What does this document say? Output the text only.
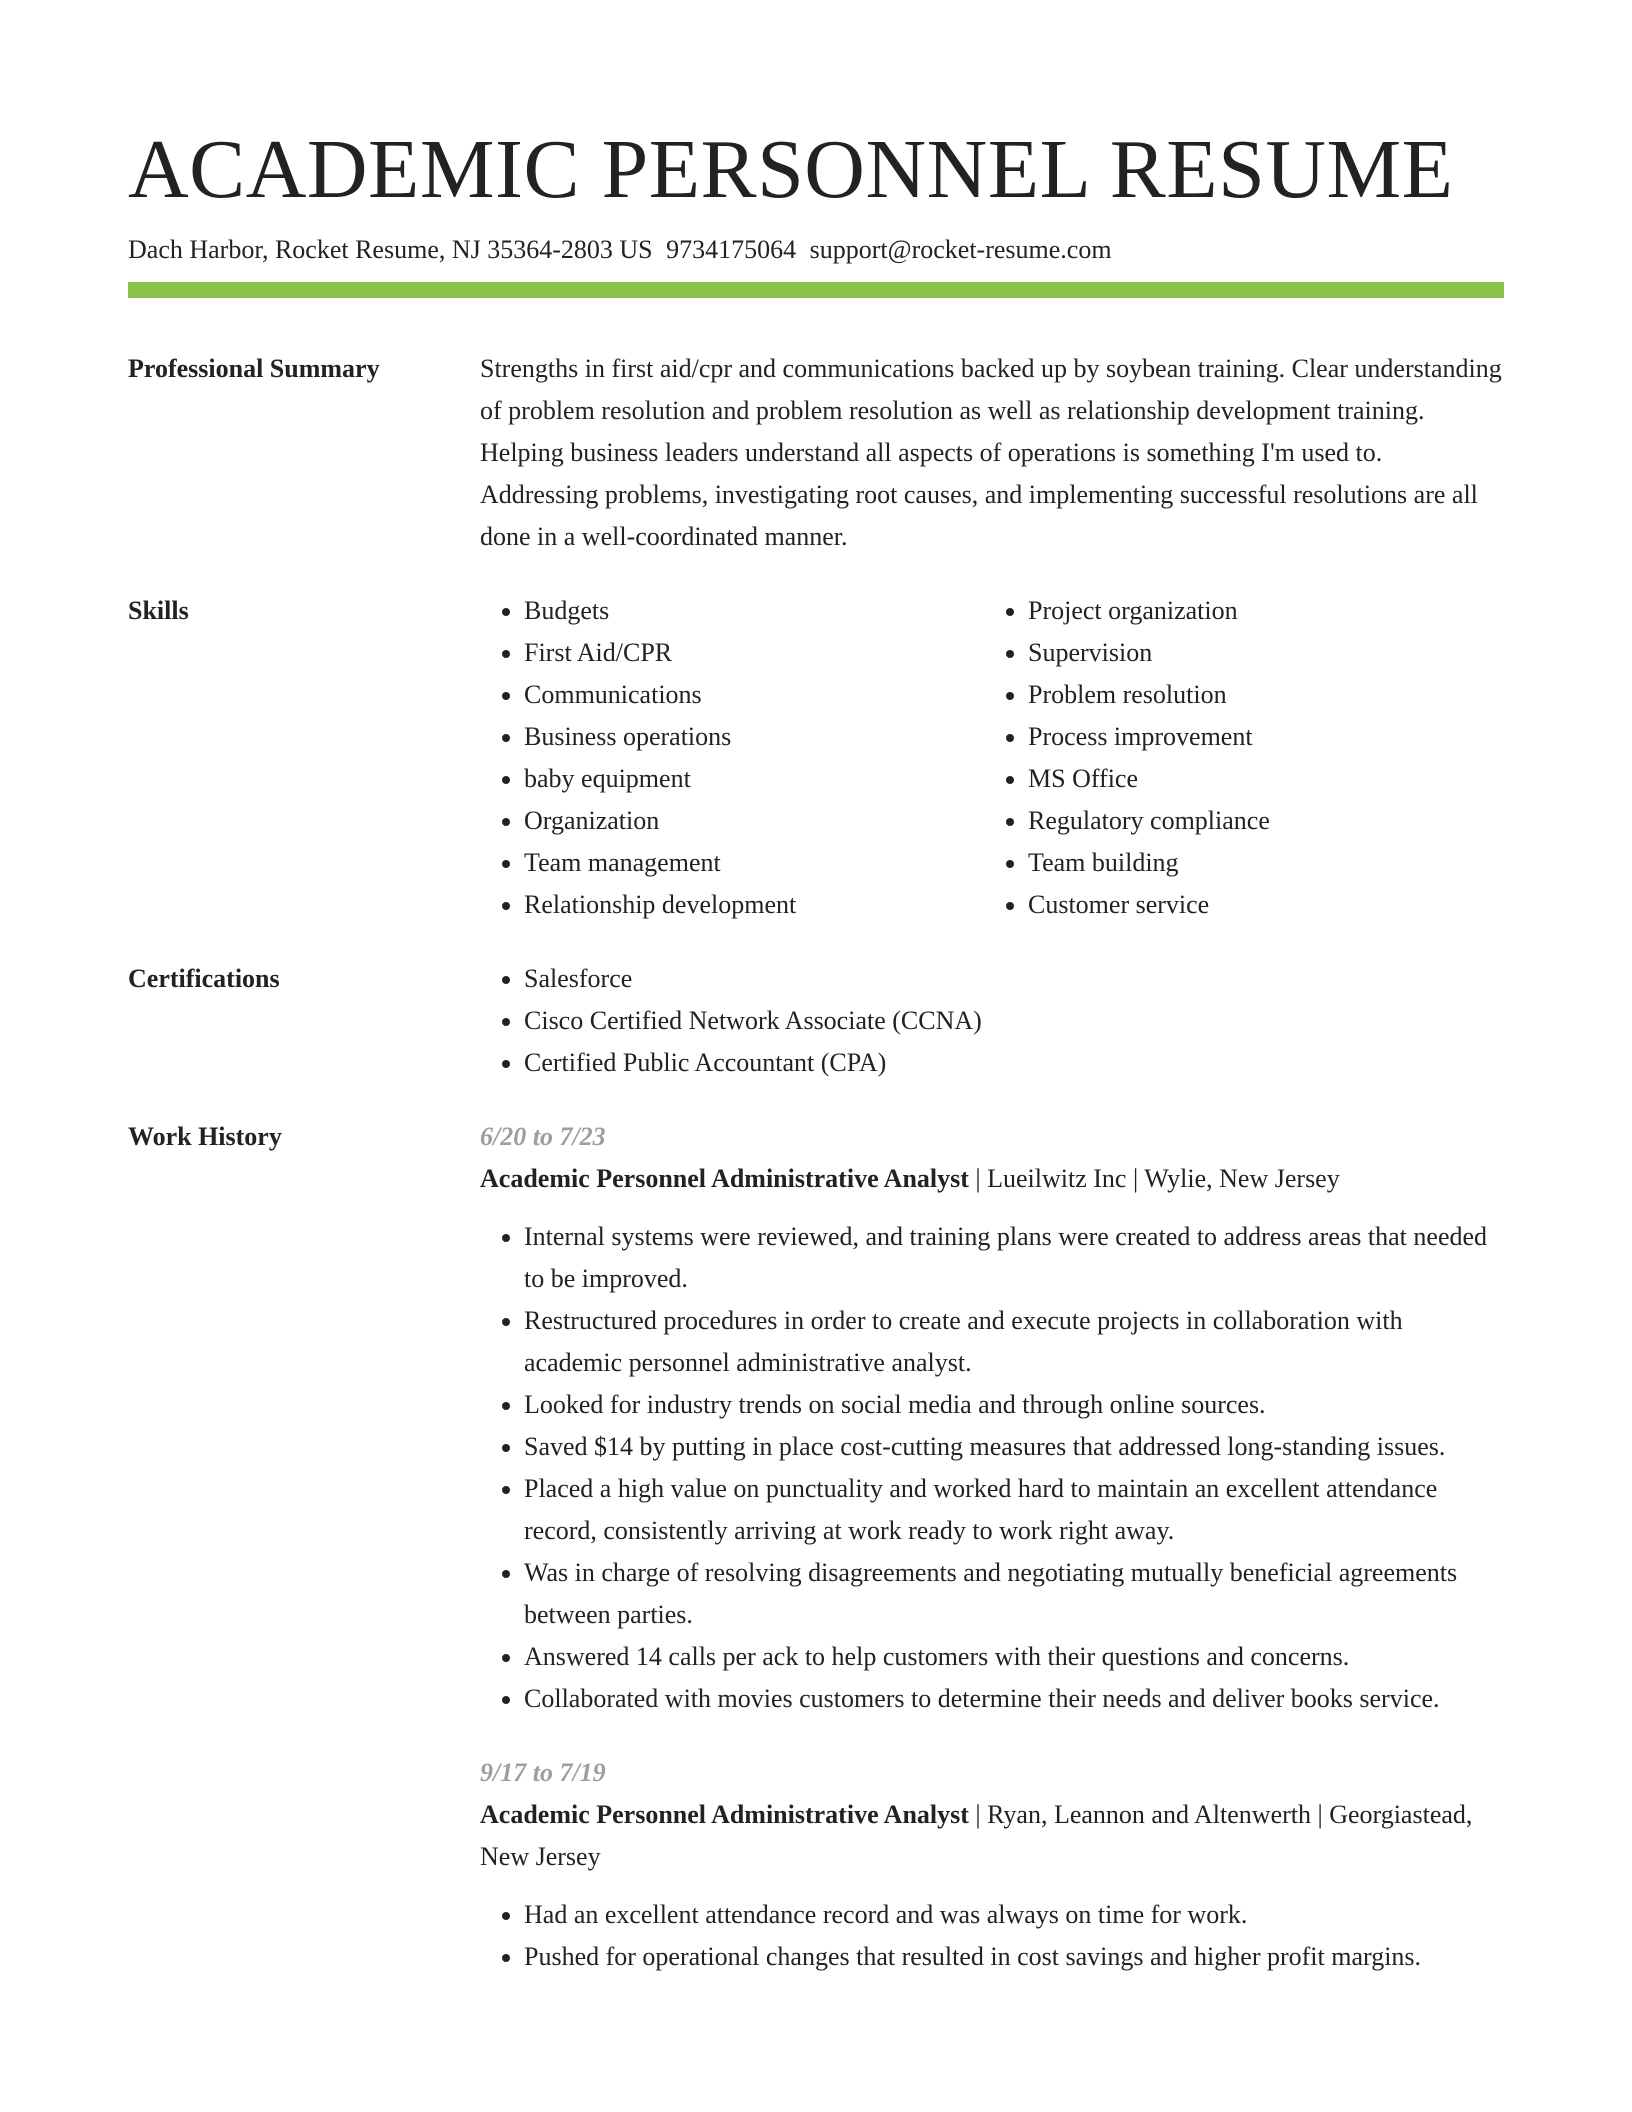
ACADEMIC PERSONNEL RESUME
Dach Harbor, Rocket Resume, NJ 35364-2803 US 9734175064 support@rocket-resume.com
Professional Summary	Strengths in first aid/cpr and communications backed up by soybean training. Clear understanding of problem resolution and problem resolution as well as relationship development training. Helping business leaders understand all aspects of operations is something I'm used to. Addressing problems, investigating root causes, and implementing successful resolutions are all done in a well-coordinated manner.

Skills	• Budgets
• First Aid/CPR
• Communications
• Business operations
• baby equipment
• Organization
• Team management
• Relationship development
• Project organization
• Supervision
• Problem resolution
• Process improvement
• MS Office
• Regulatory compliance
• Team building
• Customer service
Certifications	• Salesforce
• Cisco Certified Network Associate (CCNA)
• Certified Public Accountant (CPA)
Work History	6/20 to 7/23

Academic Personnel Administrative Analyst | Lueilwitz Inc | Wylie, New Jersey

• Internal systems were reviewed, and training plans were created to address areas that needed to be improved.
• Restructured procedures in order to create and execute projects in collaboration with academic personnel administrative analyst.
• Looked for industry trends on social media and through online sources.
• Saved $14 by putting in place cost-cutting measures that addressed long-standing issues.
• Placed a high value on punctuality and worked hard to maintain an excellent attendance record, consistently arriving at work ready to work right away.
• Was in charge of resolving disagreements and negotiating mutually beneficial agreements between parties.
• Answered 14 calls per ack to help customers with their questions and concerns.
• Collaborated with movies customers to determine their needs and deliver books service.

9/17 to 7/19

Academic Personnel Administrative Analyst | Ryan, Leannon and Altenwerth | Georgiastead, New Jersey

• Had an excellent attendance record and was always on time for work.
• Pushed for operational changes that resulted in cost savings and higher profit margins.
